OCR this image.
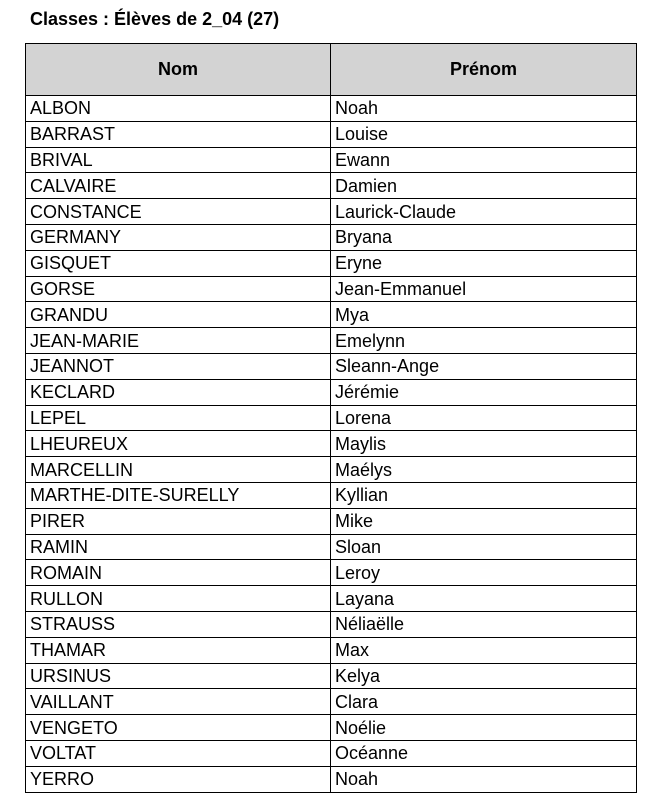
Classes : Élèves de 2_04 (27)
Nom	Prénom
ALBON	Noah
BARRAST	Louise
BRIVAL	Ewann
CALVAIRE	Damien
CONSTANCE	Laurick-Claude
GERMANY	Bryana
GISQUET	Eryne
GORSE	Jean-Emmanuel
GRANDU	Mya
JEAN-MARIE	Emelynn
JEANNOT	Sleann-Ange
KECLARD	Jérémie
LEPEL	Lorena
LHEUREUX	Maylis
MARCELLIN	Maélys
MARTHE-DITE-SURELLY	Kyllian
PIRER	Mike
RAMIN	Sloan
ROMAIN	Leroy
RULLON	Layana
STRAUSS	Néliaëlle
THAMAR	Max
URSINUS	Kelya
VAILLANT	Clara
VENGETO	Noélie
VOLTAT	Océanne
YERRO	Noah
